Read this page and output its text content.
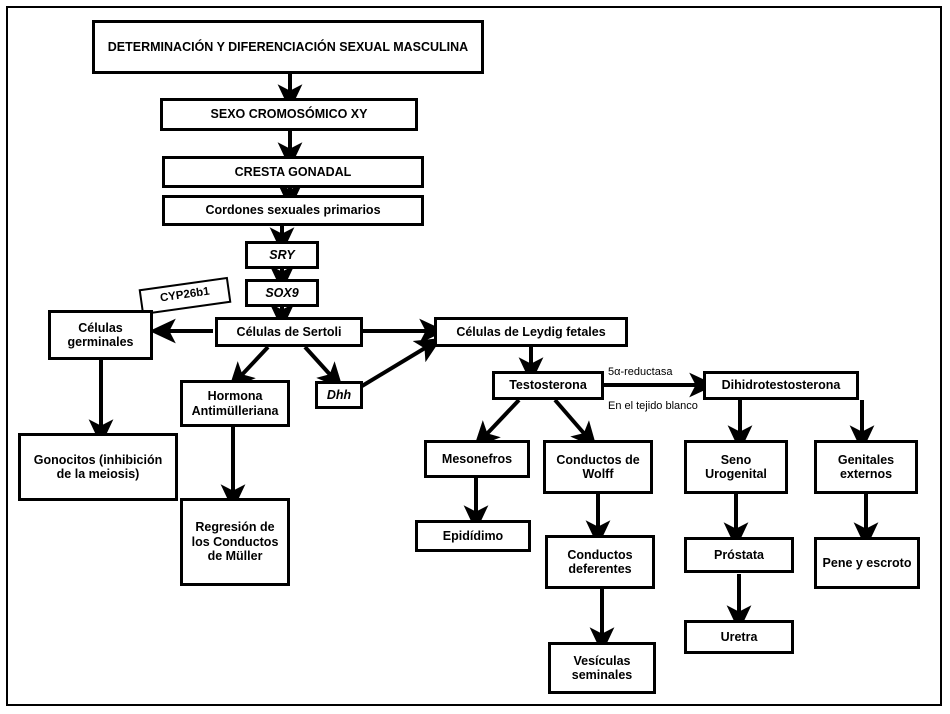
DETERMINACIÓN Y DIFERENCIACIÓN SEXUAL MASCULINA
SEXO CROMOSÓMICO XY
CRESTA GONADAL
Cordones sexuales primarios
SRY
SOX9
CYP26b1
Células germinales
Células de Sertoli	Células de Leydig fetales
Gonocitos (inhibición de la meiosis)
Hormona Antimülleriana
Dhh
Testosterona	Dihidrotestosterona
Regresión de los Conductos de Müller
Mesonefros	Conductos de Wolff
Seno Urogenital
Genitales externos
Epidídimo
Conductos deferentes
Próstata
Pene y escroto
Vesículas seminales
Uretra
5α-reductasa
En el tejido blanco
